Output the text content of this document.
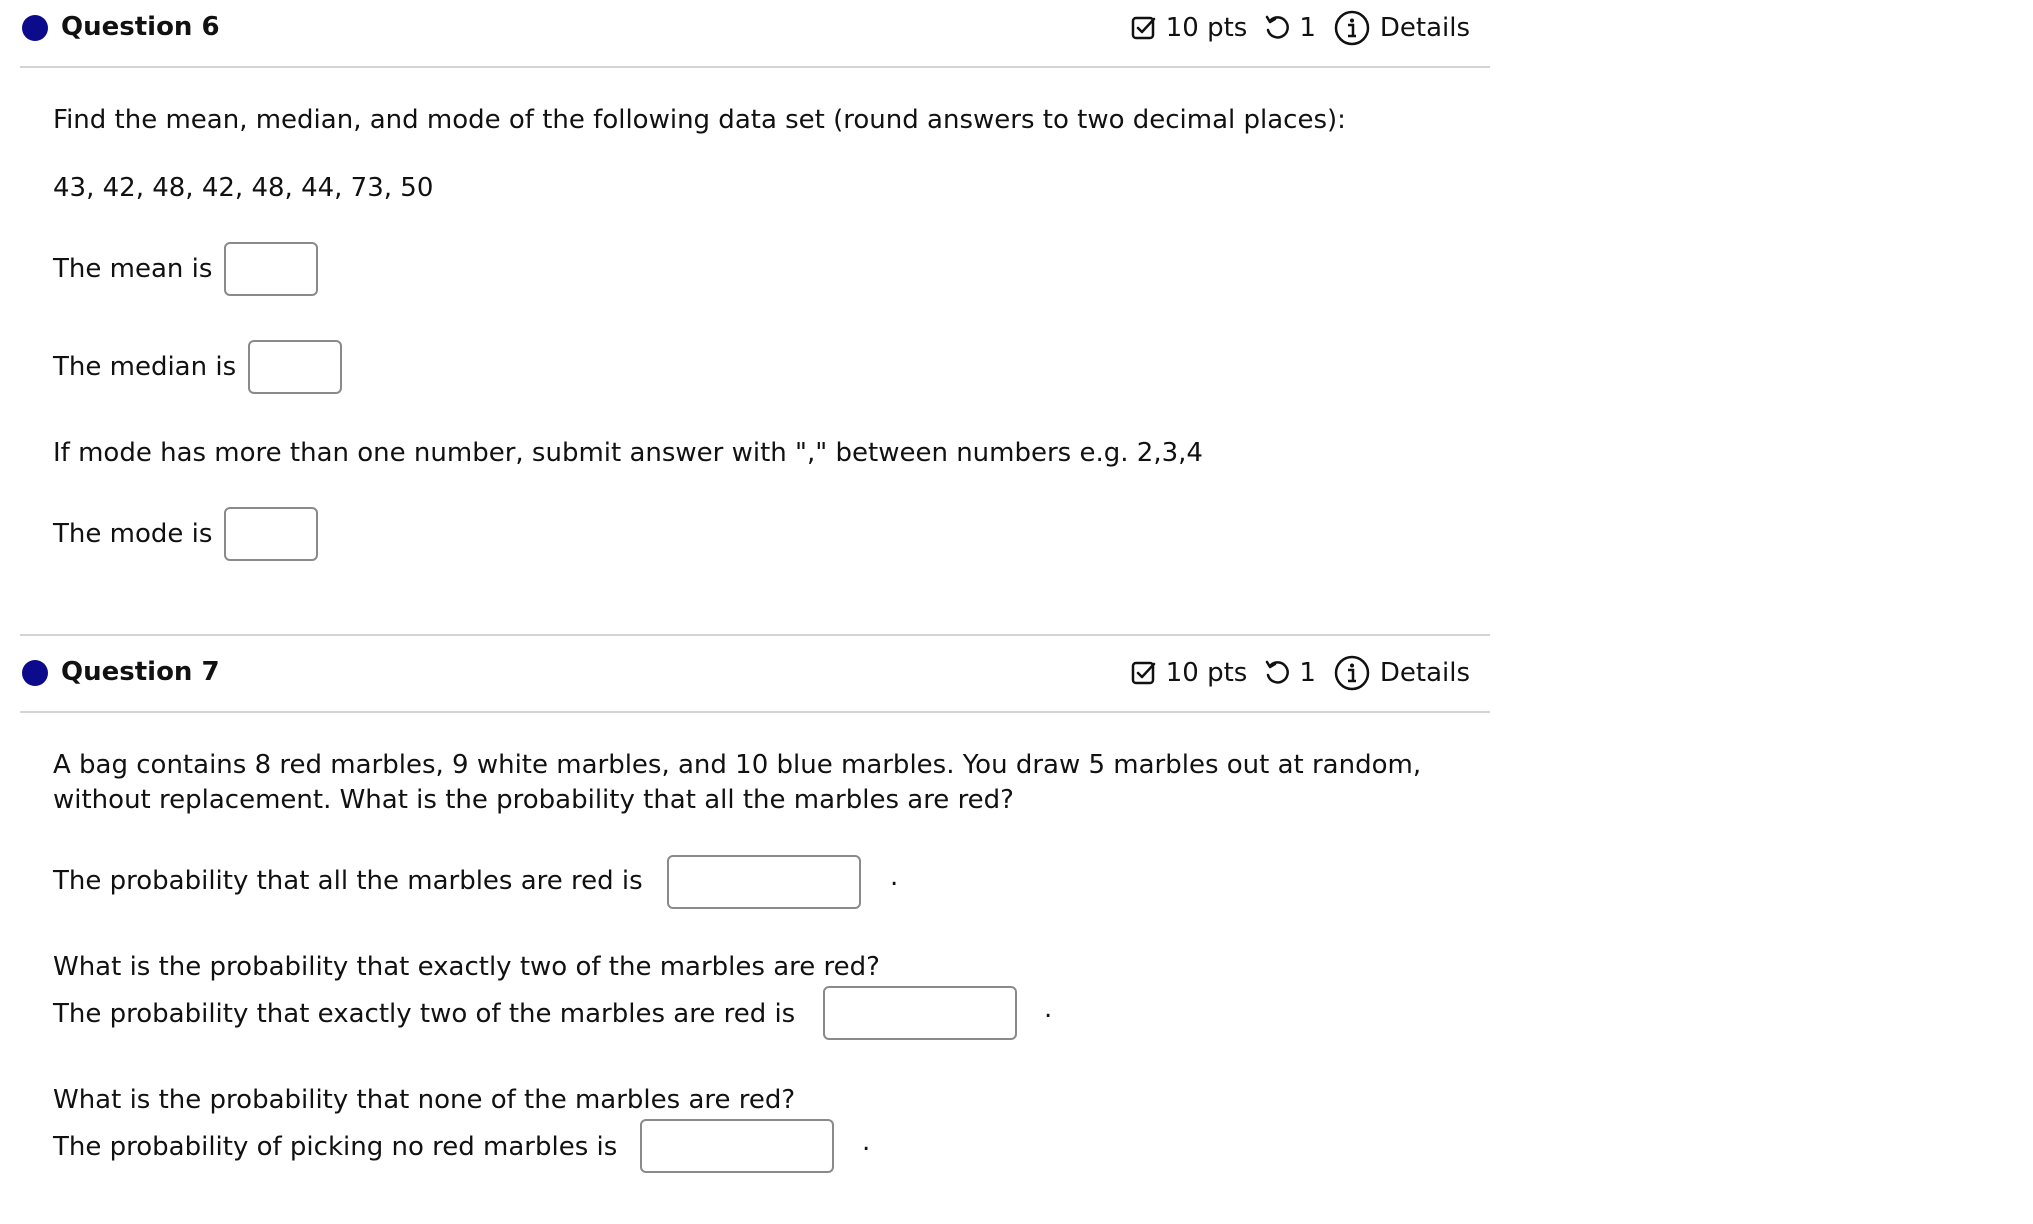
Question 6	10 pts 1 Details
Find the mean, median, and mode of the following data set (round answers to two decimal places):
43, 42, 48, 42, 48, 44, 73, 50
The mean is
The median is
If mode has more than one number, submit answer with "," between numbers e.g. 2,3,4
The mode is
Question 7	10 pts 1 Details
A bag contains 8 red marbles, 9 white marbles, and 10 blue marbles. You draw 5 marbles out at random,
without replacement. What is the probability that all the marbles are red?
The probability that all the marbles are red is	.
What is the probability that exactly two of the marbles are red?
The probability that exactly two of the marbles are red is	.
What is the probability that none of the marbles are red?
The probability of picking no red marbles is	.
